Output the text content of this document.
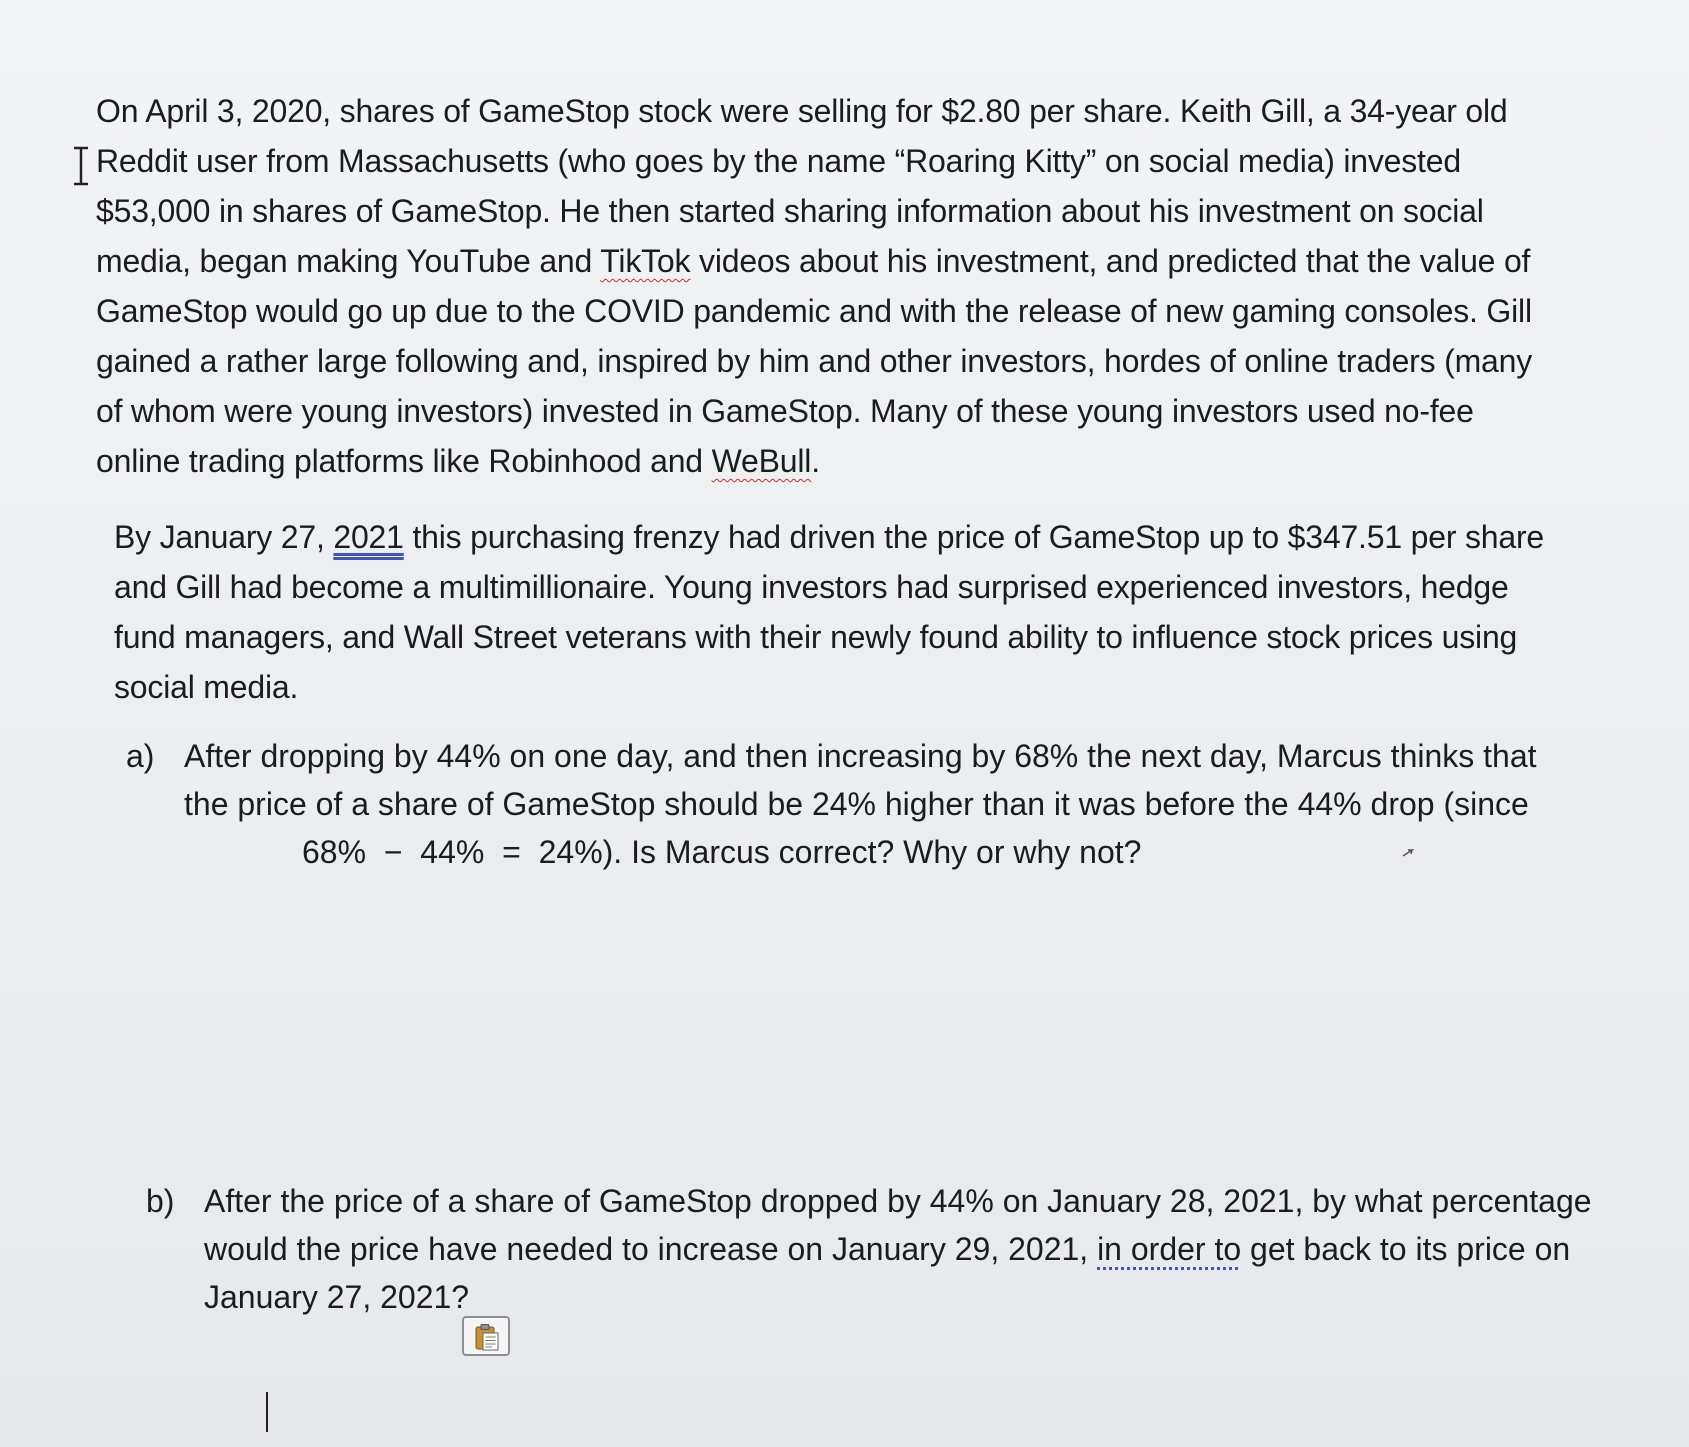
On April 3, 2020, shares of GameStop stock were selling for $2.80 per share. Keith Gill, a 34-year old
Reddit user from Massachusetts (who goes by the name “Roaring Kitty” on social media) invested
$53,000 in shares of GameStop. He then started sharing information about his investment on social
media, began making YouTube and TikTok videos about his investment, and predicted that the value of
GameStop would go up due to the COVID pandemic and with the release of new gaming consoles. Gill
gained a rather large following and, inspired by him and other investors, hordes of online traders (many
of whom were young investors) invested in GameStop. Many of these young investors used no-fee
online trading platforms like Robinhood and WeBull.
By January 27, 2021 this purchasing frenzy had driven the price of GameStop up to $347.51 per share
and Gill had become a multimillionaire. Young investors had surprised experienced investors, hedge
fund managers, and Wall Street veterans with their newly found ability to influence stock prices using
social media.
a) After dropping by 44% on one day, and then increasing by 68% the next day, Marcus thinks that
the price of a share of GameStop should be 24% higher than it was before the 44% drop (since
68%  −  44%  =  24%). Is Marcus correct? Why or why not?
b) After the price of a share of GameStop dropped by 44% on January 28, 2021, by what percentage
would the price have needed to increase on January 29, 2021, in order to get back to its price on
January 27, 2021?
